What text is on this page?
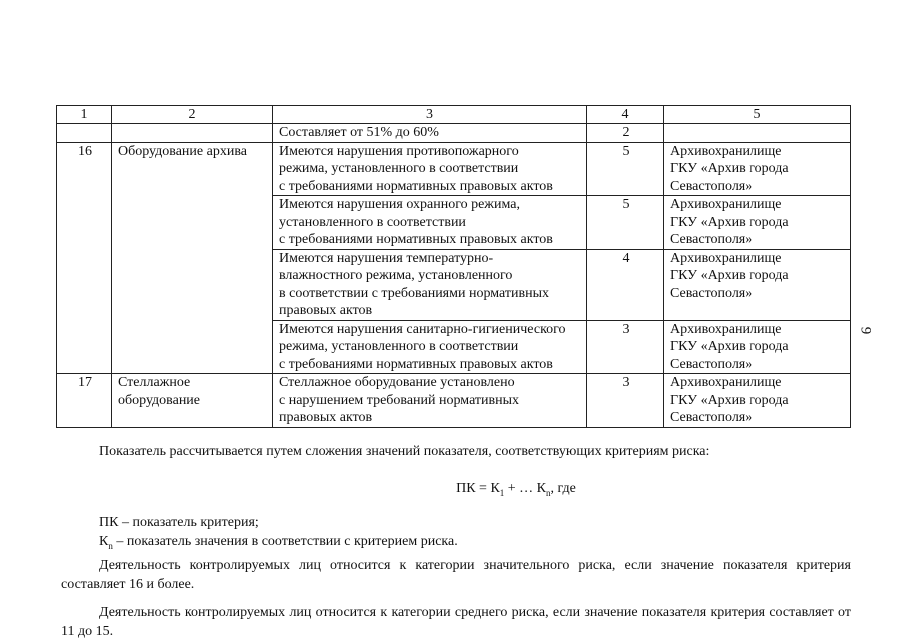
9
1	2	3	4	5
		Составляет от 51% до 60%	2	
16	Оборудование архива	Имеются нарушения противопожарного
режима, установленного в соответствии
с требованиями нормативных правовых актов	5	Архивохранилище
ГКУ «Архив города
Севастополя»

		Имеются нарушения охранного режима,
установленного в соответствии
с требованиями нормативных правовых актов	5	Архивохранилище
ГКУ «Архив города
Севастополя»

		Имеются нарушения температурно-
влажностного режима, установленного
в соответствии с требованиями нормативных
правовых актов	4	Архивохранилище
ГКУ «Архив города
Севастополя»

		Имеются нарушения санитарно-гигиенического
режима, установленного в соответствии
с требованиями нормативных правовых актов	3	Архивохранилище
ГКУ «Архив города
Севастополя»

17	Стеллажное
оборудование	Стеллажное оборудование установлено
с нарушением требований нормативных
правовых актов	3	Архивохранилище
ГКУ «Архив города
Севастополя»

Показатель рассчитывается путем сложения значений показателя, соответствующих критериям риска:

ПК = $К_1$ + … $К_n$, где

ПК – показатель критерия;

$К_n$ – показатель значения в соответствии с критерием риска.

Деятельность контролируемых лиц относится к категории значительного риска, если значение показателя критерия составляет 16 и более.

Деятельность контролируемых лиц относится к категории среднего риска, если значение показателя критерия составляет от 11 до 15.
